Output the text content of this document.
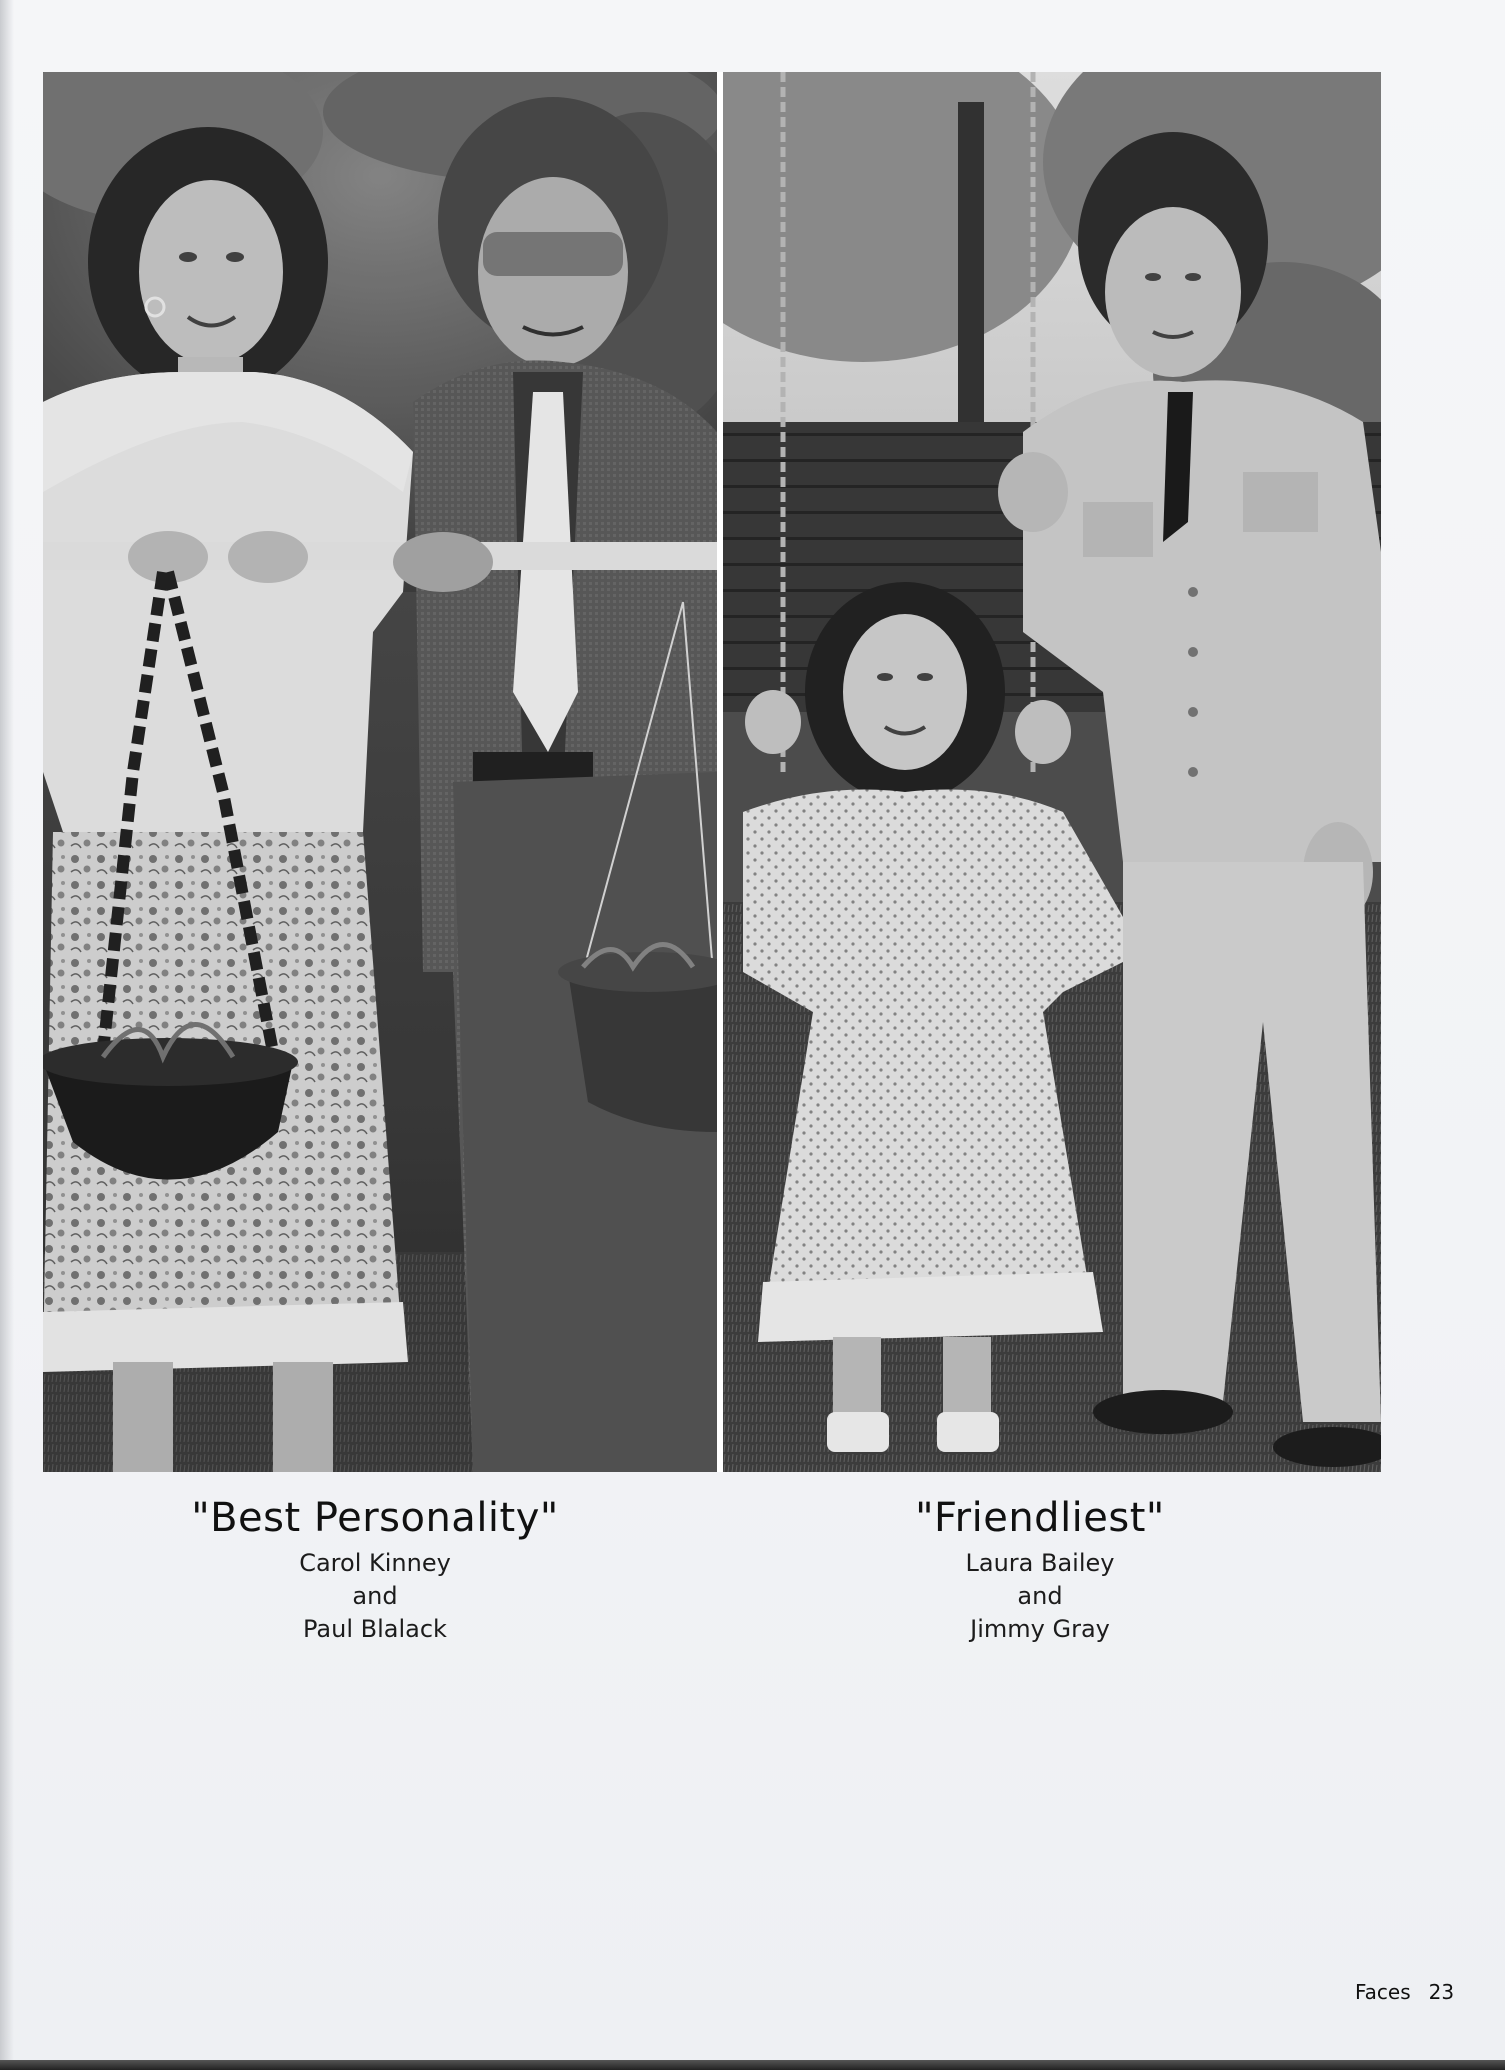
"Best Personality"
Carol Kinney
and
Paul Blalack
"Friendliest"
Laura Bailey
and
Jimmy Gray
Faces 23
